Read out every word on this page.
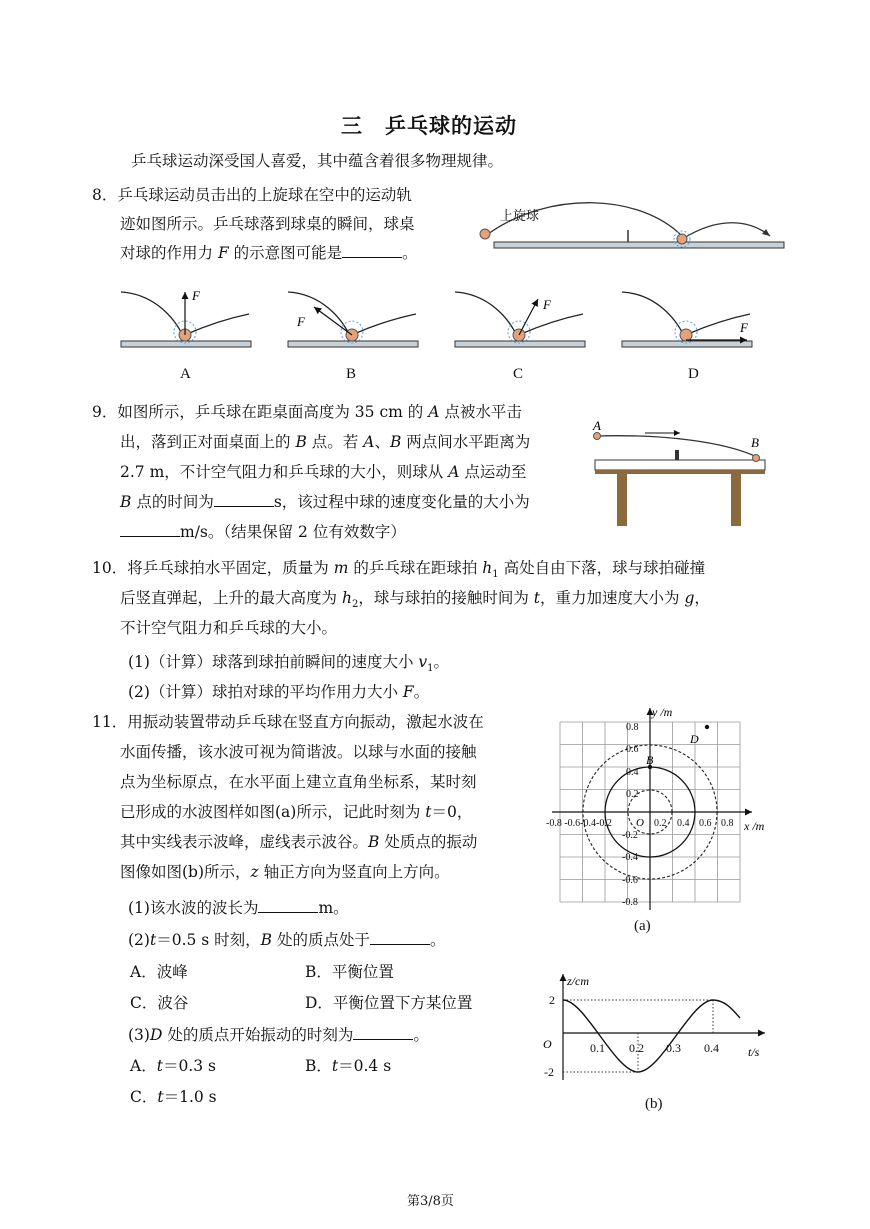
三　乒乓球的运动
乒乓球运动深受国人喜爱，其中蕴含着很多物理规律。
8．乒乓球运动员击出的上旋球在空中的运动轨
迹如图所示。乒乓球落到球桌的瞬间，球桌
对球的作用力 F 的示意图可能是	。
上旋球
F
F
F
F
A	B	C	D
9．如图所示，乒乓球在距桌面高度为 35 cm 的 A 点被水平击
出，落到正对面桌面上的 B 点。若 A、B 两点间水平距离为
2.7 m，不计空气阻力和乒乓球的大小，则球从 A 点运动至
B 点的时间为	s，该过程中球的速度变化量的大小为
m/s。（结果保留 2 位有效数字）
A
B
10．将乒乓球拍水平固定，质量为 m 的乒乓球在距球拍 $h_1$ 高处自由下落，球与球拍碰撞
后竖直弹起，上升的最大高度为 $h_2$，球与球拍的接触时间为 t，重力加速度大小为 g，
不计空气阻力和乒乓球的大小。
(1)（计算）球落到球拍前瞬间的速度大小 $v_1$。
(2)（计算）球拍对球的平均作用力大小 F。
11．用振动装置带动乒乓球在竖直方向振动，激起水波在
水面传播，该水波可视为简谐波。以球与水面的接触
点为坐标原点，在水平面上建立直角坐标系，某时刻
已形成的水波图样如图(a)所示，记此时刻为 t＝0，
其中实线表示波峰，虚线表示波谷。B 处质点的振动
图像如图(b)所示，z 轴正方向为竖直向上方向。
(1)该水波的波长为	m。
(2)t＝0.5 s 时刻，B 处的质点处于	。
A．波峰	B．平衡位置
C．波谷	D．平衡位置下方某位置
(3)D 处的质点开始振动的时刻为	。
A．t＝0.3 s	B．t＝0.4 s
C．t＝1.0 s
0.8
0.6
0.4
0.2
-0.2
-0.4
-0.6
-0.8
-0.8 -0.6-0.4-0.2	0.2 0.4 0.6 0.8
O
y /m
x /m
B
D
(a)
2
-2
0.1 0.2 0.3 0.4
O
z/cm
t/s
(b)
第3/8页
